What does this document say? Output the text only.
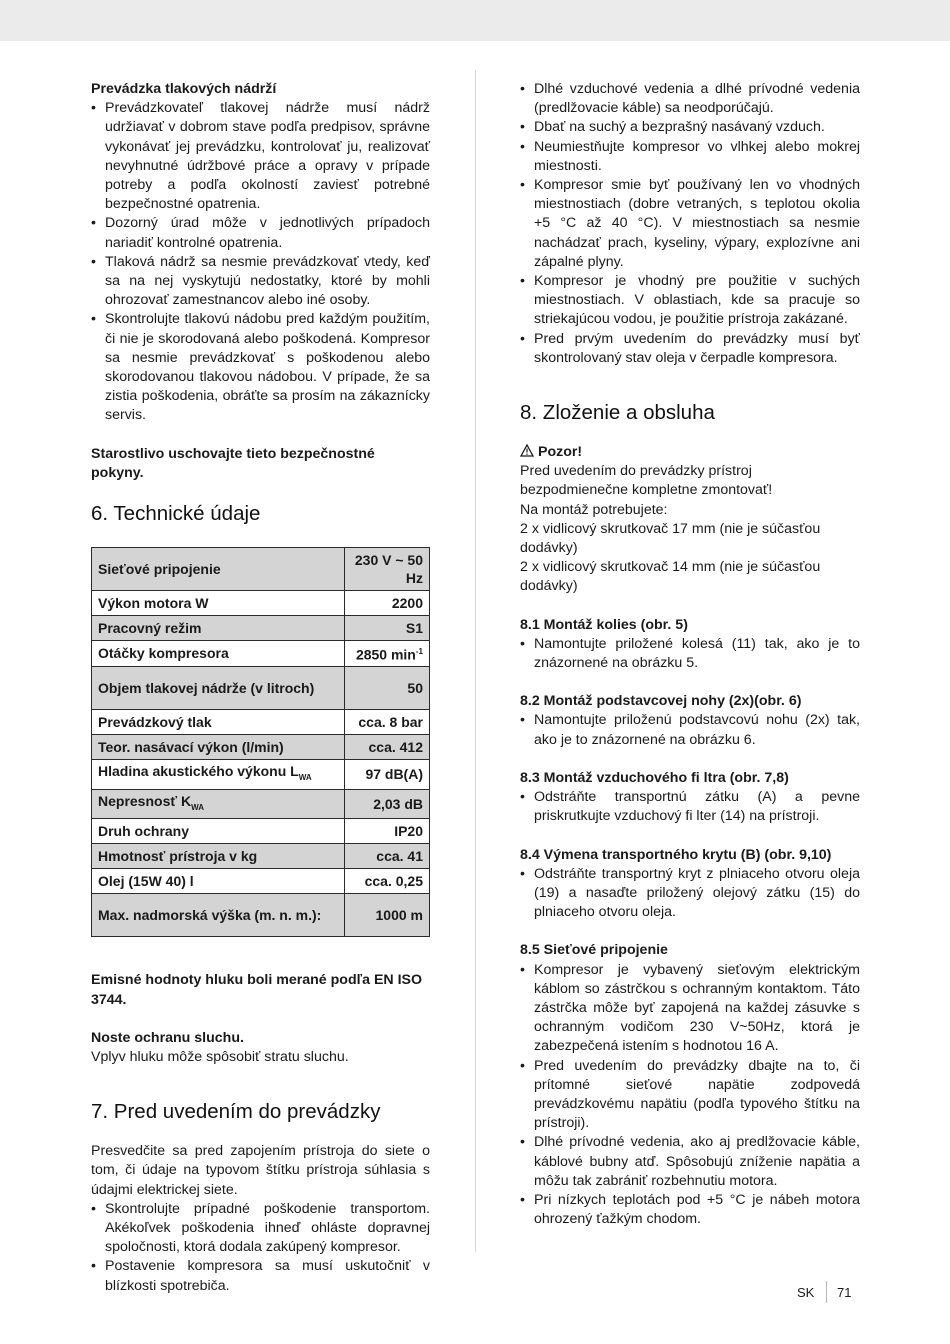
Prevádzka tlakových nádrží

• Prevádzkovateľ tlakovej nádrže musí nádrž udržiavať v dobrom stave podľa predpisov, správne vykonávať jej prevádzku, kontrolovať ju, realizovať nevyhnutné údržbové práce a opravy v prípade potreby a podľa okolností zaviesť potrebné bezpečnostné opatrenia.
• Dozorný úrad môže v jednotlivých prípadoch nariadiť kontrolné opatrenia.
• Tlaková nádrž sa nesmie prevádzkovať vtedy, keď sa na nej vyskytujú nedostatky, ktoré by mohli ohrozovať zamestnancov alebo iné osoby.
• Skontrolujte tlakovú nádobu pred každým použitím, či nie je skorodovaná alebo poškodená. Kompresor sa nesmie prevádzkovať s poškodenou alebo skorodovanou tlakovou nádobou. V prípade, že sa zistia poškodenia, obráťte sa prosím na zákaznícky servis.

Starostlivo uschovajte tieto bezpečnostné pokyny.

6. Technické údaje
Sieťové pripojenie	230 V ~ 50 Hz
Výkon motora W	2200
Pracovný režim	S1
Otáčky kompresora	2850 $\min^{-1}$
Objem tlakovej nádrže (v litroch)	50
Prevádzkový tlak	cca. 8 bar
Teor. nasávací výkon (l/min)	cca. 412
Hladina akustického výkonu $L_{WA}$	97 dB(A)
Nepresnosť $K_{WA}$	2,03 dB
Druh ochrany	IP20
Hmotnosť prístroja v kg	cca. 41
Olej (15W 40) l	cca. 0,25
Max. nadmorská výška (m. n. m.):	1000 m

Emisné hodnoty hluku boli merané podľa EN ISO 3744.

Noste ochranu sluchu.

Vplyv hluku môže spôsobiť stratu sluchu.

7. Pred uvedením do prevádzky

Presvedčite sa pred zapojením prístroja do siete o tom, či údaje na typovom štítku prístroja súhlasia s údajmi elektrickej siete.

• Skontrolujte prípadné poškodenie transportom. Akékoľvek poškodenia ihneď ohláste dopravnej spoločnosti, ktorá dodala zakúpený kompresor.
• Postavenie kompresora sa musí uskutočniť v blízkosti spotrebiča.
• Dlhé vzduchové vedenia a dlhé prívodné vedenia (predlžovacie káble) sa neodporúčajú.
• Dbať na suchý a bezprašný nasávaný vzduch.
• Neumiestňujte kompresor vo vlhkej alebo mokrej miestnosti.
• Kompresor smie byť používaný len vo vhodných miestnostiach (dobre vetraných, s teplotou okolia +5 °C až 40 °C). V miestnostiach sa nesmie nachádzať prach, kyseliny, výpary, explozívne ani zápalné plyny.
• Kompresor je vhodný pre použitie v suchých miestnostiach. V oblastiach, kde sa pracuje so striekajúcou vodou, je použitie prístroja zakázané.
• Pred prvým uvedením do prevádzky musí byť skontrolovaný stav oleja v čerpadle kompresora.
8. Zloženie a obsluha

Pozor!

Pred uvedením do prevádzky prístroj bezpodmienečne kompletne zmontovať!

Na montáž potrebujete:

2 x vidlicový skrutkovač 17 mm (nie je súčasťou dodávky)

2 x vidlicový skrutkovač 14 mm (nie je súčasťou dodávky)

8.1 Montáž kolies (obr. 5)

• Namontujte priložené kolesá (11) tak, ako je to znázornené na obrázku 5.

8.2 Montáž podstavcovej nohy (2x)(obr. 6)

• Namontujte priloženú podstavcovú nohu (2x) tak, ako je to znázornené na obrázku 6.

8.3 Montáž vzduchového fi ltra (obr. 7,8)

• Odstráňte transportnú zátku (A) a pevne priskrutkujte vzduchový fi lter (14) na prístroji.

8.4 Výmena transportného krytu (B) (obr. 9,10)

• Odstráňte transportný kryt z plniaceho otvoru oleja (19) a nasaďte priložený olejový zátku (15) do plniaceho otvoru oleja.

8.5 Sieťové pripojenie

• Kompresor je vybavený sieťovým elektrickým káblom so zástrčkou s ochranným kontaktom. Táto zástrčka môže byť zapojená na každej zásuvke s ochranným vodičom 230 V~50Hz, ktorá je zabezpečená istením s hodnotou 16 A.
• Pred uvedením do prevádzky dbajte na to, či prítomné sieťové napätie zodpovedá prevádzkovému napätiu (podľa typového štítku na prístroji).
• Dlhé prívodné vedenia, ako aj predlžovacie káble, káblové bubny atď. Spôsobujú zníženie napätia a môžu tak zabrániť rozbehnutiu motora.
• Pri nízkych teplotách pod +5 °C je nábeh motora ohrozený ťažkým chodom.
SK 71
